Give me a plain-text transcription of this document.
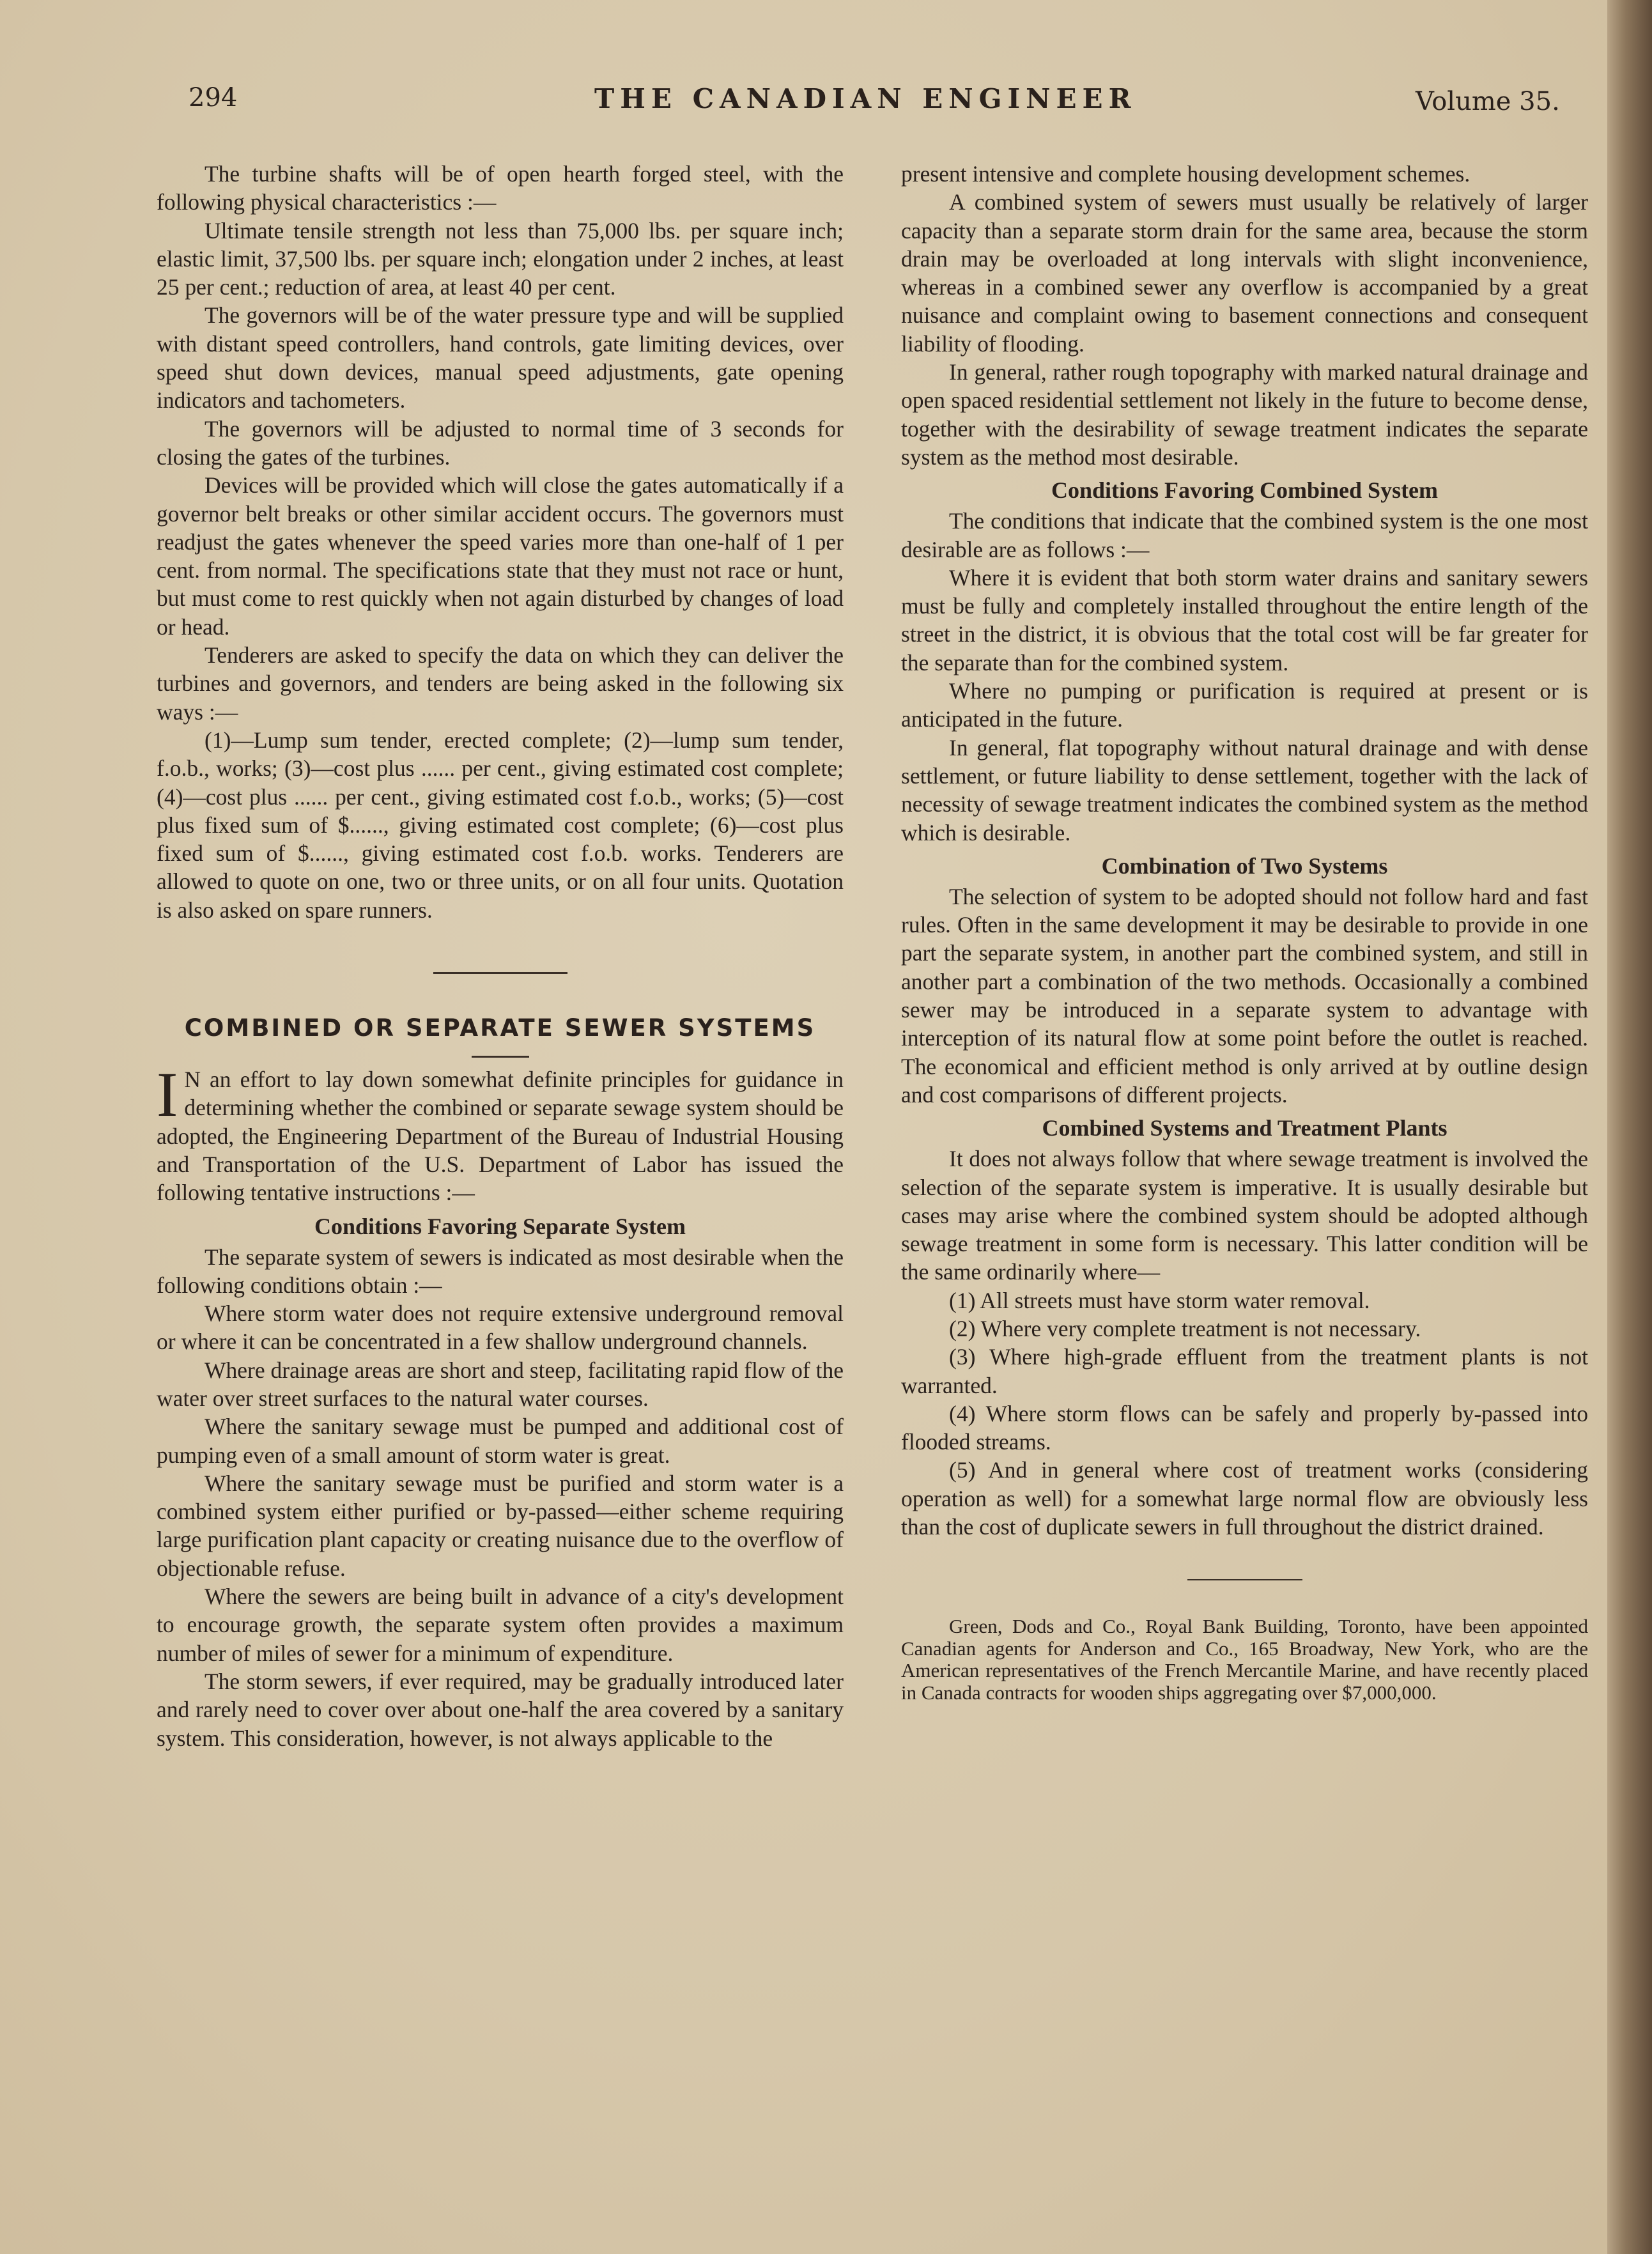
294	THE CANADIAN ENGINEER	Volume 35.

The turbine shafts will be of open hearth forged steel, with the following physical characteristics :—

Ultimate tensile strength not less than 75,000 lbs. per square inch; elastic limit, 37,500 lbs. per square inch; elongation under 2 inches, at least 25 per cent.; reduction of area, at least 40 per cent.

The governors will be of the water pressure type and will be supplied with distant speed controllers, hand controls, gate limiting devices, over speed shut down devices, manual speed adjustments, gate opening indicators and tachometers.

The governors will be adjusted to normal time of 3 seconds for closing the gates of the turbines.

Devices will be provided which will close the gates automatically if a governor belt breaks or other similar accident occurs. The governors must readjust the gates whenever the speed varies more than one-half of 1 per cent. from normal. The specifications state that they must not race or hunt, but must come to rest quickly when not again disturbed by changes of load or head.

Tenderers are asked to specify the data on which they can deliver the turbines and governors, and tenders are being asked in the following six ways :—

(1)—Lump sum tender, erected complete; (2)—lump sum tender, f.o.b., works; (3)—cost plus ...... per cent., giving estimated cost complete; (4)—cost plus ...... per cent., giving estimated cost f.o.b., works; (5)—cost plus fixed sum of $......, giving estimated cost complete; (6)—cost plus fixed sum of $......, giving estimated cost f.o.b. works. Tenderers are allowed to quote on one, two or three units, or on all four units. Quotation is also asked on spare runners.

COMBINED OR SEPARATE SEWER SYSTEMS

I N an effort to lay down somewhat definite principles for guidance in determining whether the combined or separate sewage system should be adopted, the Engineering Department of the Bureau of Industrial Housing and Transportation of the U.S. Department of Labor has issued the following tentative instructions :—

Conditions Favoring Separate System

The separate system of sewers is indicated as most desirable when the following conditions obtain :—

Where storm water does not require extensive underground removal or where it can be concentrated in a few shallow underground channels.

Where drainage areas are short and steep, facilitating rapid flow of the water over street surfaces to the natural water courses.

Where the sanitary sewage must be pumped and additional cost of pumping even of a small amount of storm water is great.

Where the sanitary sewage must be purified and storm water is a combined system either purified or by-passed—either scheme requiring large purification plant capacity or creating nuisance due to the overflow of objectionable refuse.

Where the sewers are being built in advance of a city's development to encourage growth, the separate system often provides a maximum number of miles of sewer for a minimum of expenditure.

The storm sewers, if ever required, may be gradually introduced later and rarely need to cover over about one-half the area covered by a sanitary system. This consideration, however, is not always applicable to the

present intensive and complete housing development schemes.

A combined system of sewers must usually be relatively of larger capacity than a separate storm drain for the same area, because the storm drain may be overloaded at long intervals with slight inconvenience, whereas in a combined sewer any overflow is accompanied by a great nuisance and complaint owing to basement connections and consequent liability of flooding.

In general, rather rough topography with marked natural drainage and open spaced residential settlement not likely in the future to become dense, together with the desirability of sewage treatment indicates the separate system as the method most desirable.

Conditions Favoring Combined System

The conditions that indicate that the combined system is the one most desirable are as follows :—

Where it is evident that both storm water drains and sanitary sewers must be fully and completely installed throughout the entire length of the street in the district, it is obvious that the total cost will be far greater for the separate than for the combined system.

Where no pumping or purification is required at present or is anticipated in the future.

In general, flat topography without natural drainage and with dense settlement, or future liability to dense settlement, together with the lack of necessity of sewage treatment indicates the combined system as the method which is desirable.

Combination of Two Systems

The selection of system to be adopted should not follow hard and fast rules. Often in the same development it may be desirable to provide in one part the separate system, in another part the combined system, and still in another part a combination of the two methods. Occasionally a combined sewer may be introduced in a separate system to advantage with interception of its natural flow at some point before the outlet is reached. The economical and efficient method is only arrived at by outline design and cost comparisons of different projects.

Combined Systems and Treatment Plants

It does not always follow that where sewage treatment is involved the selection of the separate system is imperative. It is usually desirable but cases may arise where the combined system should be adopted although sewage treatment in some form is necessary. This latter condition will be the same ordinarily where—

(1) All streets must have storm water removal.

(2) Where very complete treatment is not necessary.

(3) Where high-grade effluent from the treatment plants is not warranted.

(4) Where storm flows can be safely and properly by-passed into flooded streams.

(5) And in general where cost of treatment works (considering operation as well) for a somewhat large normal flow are obviously less than the cost of duplicate sewers in full throughout the district drained.

Green, Dods and Co., Royal Bank Building, Toronto, have been appointed Canadian agents for Anderson and Co., 165 Broadway, New York, who are the American representatives of the French Mercantile Marine, and have recently placed in Canada contracts for wooden ships aggregating over $7,000,000.
